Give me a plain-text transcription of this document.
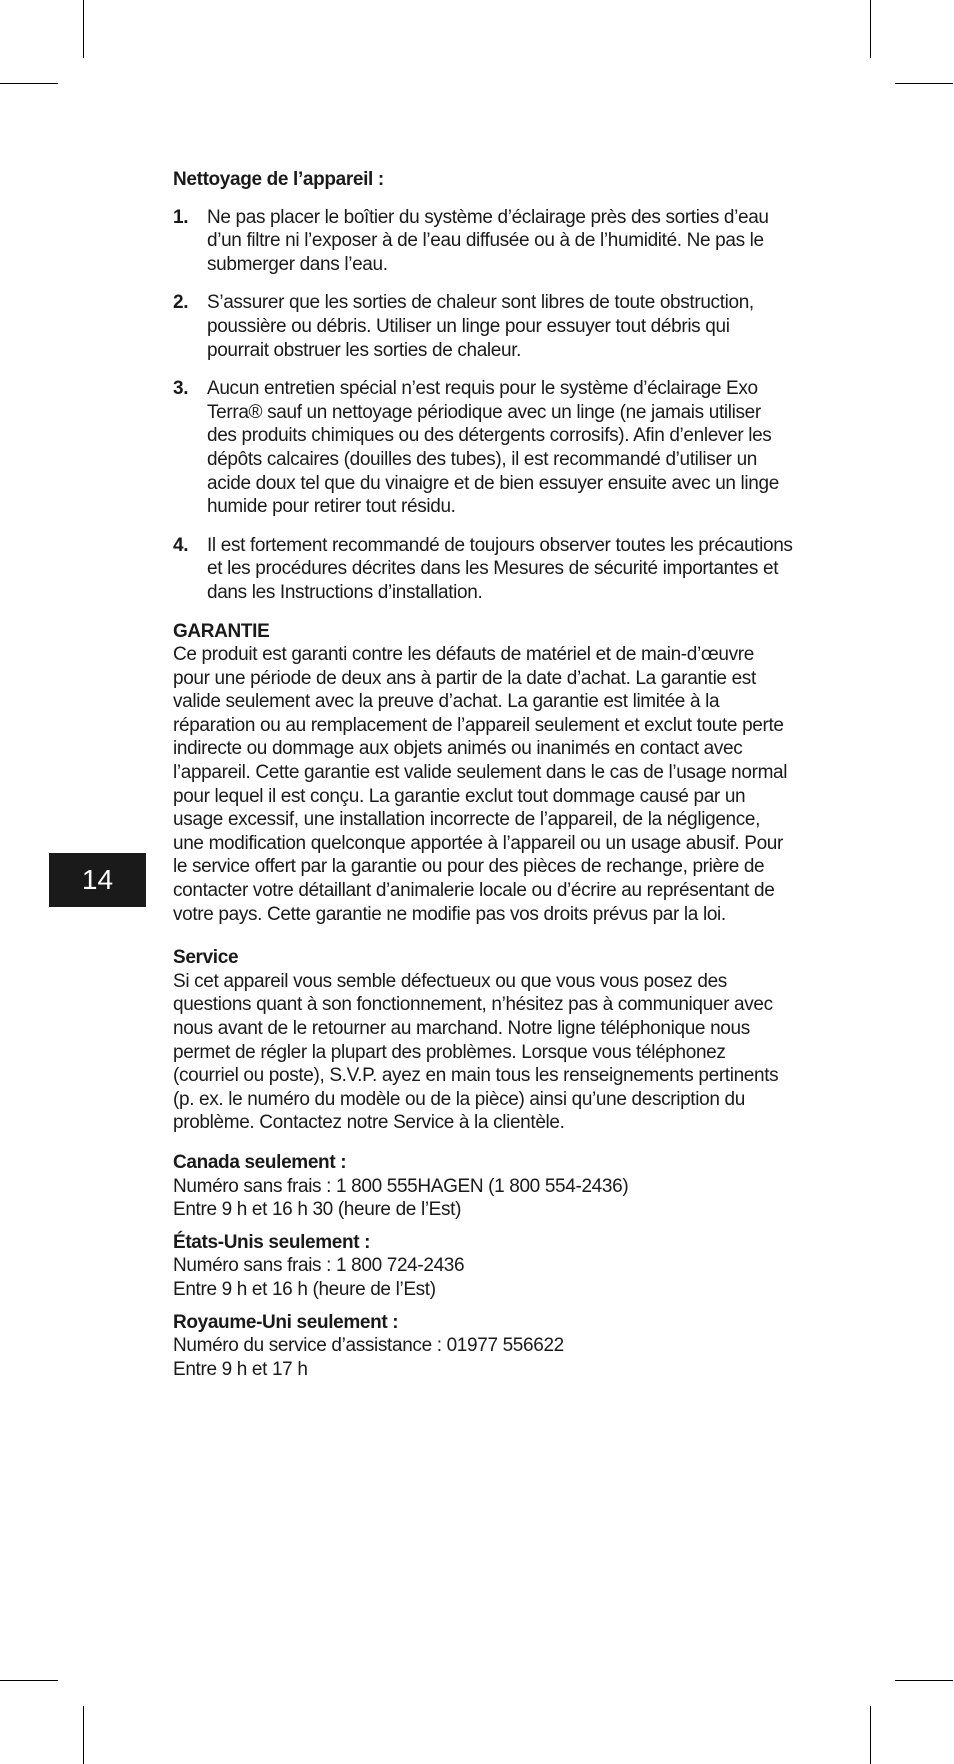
14
Nettoyage de l’appareil :
1. Ne pas placer le boîtier du système d’éclairage près des sorties d’eau d’un filtre ni l’exposer à de l’eau diffusée ou à de l’humidité. Ne pas le submerger dans l’eau.
2. S’assurer que les sorties de chaleur sont libres de toute obstruction, poussière ou débris. Utiliser un linge pour essuyer tout débris qui pourrait obstruer les sorties de chaleur.
3. Aucun entretien spécial n’est requis pour le système d’éclairage Exo Terra® sauf un nettoyage périodique avec un linge (ne jamais utiliser des produits chimiques ou des détergents corrosifs). Afin d’enlever les dépôts calcaires (douilles des tubes), il est recommandé d’utiliser un acide doux tel que du vinaigre et de bien essuyer ensuite avec un linge humide pour retirer tout résidu.
4. Il est fortement recommandé de toujours observer toutes les précautions et les procédures décrites dans les Mesures de sécurité importantes et dans les Instructions d’installation.
GARANTIE

Ce produit est garanti contre les défauts de matériel et de main-d’œuvre pour une période de deux ans à partir de la date d’achat. La garantie est valide seulement avec la preuve d’achat. La garantie est limitée à la réparation ou au remplacement de l’appareil seulement et exclut toute perte indirecte ou dommage aux objets animés ou inanimés en contact avec l’appareil. Cette garantie est valide seulement dans le cas de l’usage normal pour lequel il est conçu. La garantie exclut tout dommage causé par un usage excessif, une installation incorrecte de l’appareil, de la négligence, une modification quelconque apportée à l’appareil ou un usage abusif. Pour le service offert par la garantie ou pour des pièces de rechange, prière de contacter votre détaillant d’animalerie locale ou d’écrire au représentant de votre pays. Cette garantie ne modifie pas vos droits prévus par la loi.

Service

Si cet appareil vous semble défectueux ou que vous vous posez des questions quant à son fonctionnement, n’hésitez pas à communiquer avec nous avant de le retourner au marchand. Notre ligne téléphonique nous permet de régler la plupart des problèmes. Lorsque vous téléphonez (courriel ou poste), S.V.P. ayez en main tous les renseignements pertinents (p. ex. le numéro du modèle ou de la pièce) ainsi qu’une description du problème. Contactez notre Service à la clientèle.

Canada seulement :
Numéro sans frais : 1 800 555HAGEN (1 800 554-2436)
Entre 9 h et 16 h 30 (heure de l’Est)
États-Unis seulement :
Numéro sans frais : 1 800 724-2436
Entre 9 h et 16 h (heure de l’Est)
Royaume-Uni seulement :
Numéro du service d’assistance : 01977 556622
Entre 9 h et 17 h
